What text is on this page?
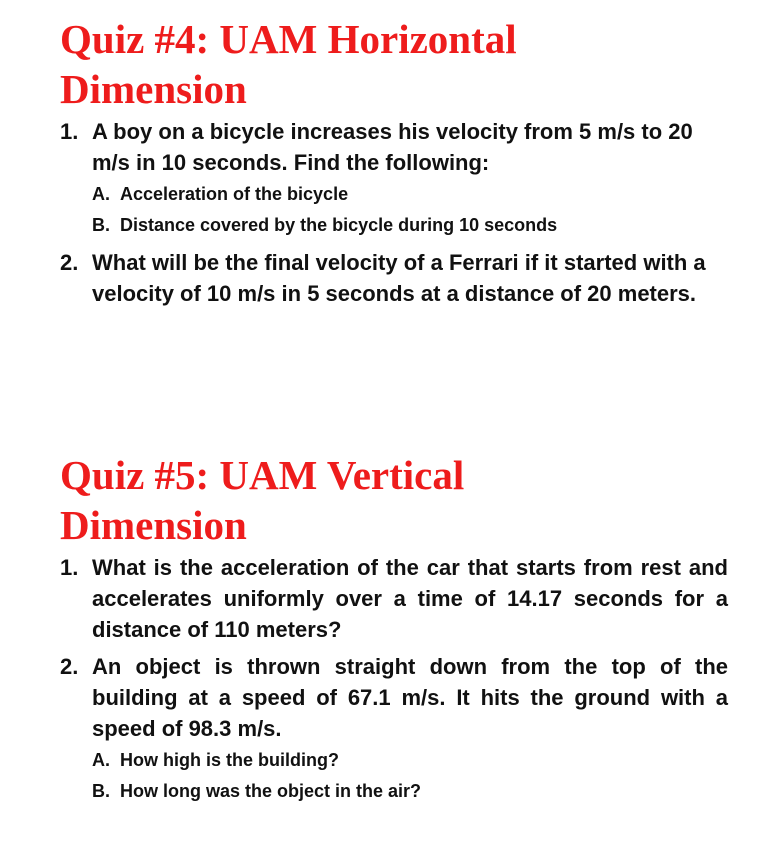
Quiz #4: UAM Horizontal
Dimension
1. A boy on a bicycle increases his velocity from 5 m/s to 20 m/s in 10 seconds. Find the following:
A. Acceleration of the bicycle
B. Distance covered by the bicycle during 10 seconds
2. What will be the final velocity of a Ferrari if it started with a velocity of 10 m/s in 5 seconds at a distance of 20 meters.
Quiz #5: UAM Vertical
Dimension
1. What is the acceleration of the car that starts from rest and accelerates uniformly over a time of 14.17 seconds for a distance of 110 meters?
2. An object is thrown straight down from the top of the building at a speed of 67.1 m/s. It hits the ground with a speed of 98.3 m/s.
A. How high is the building?
B. How long was the object in the air?
